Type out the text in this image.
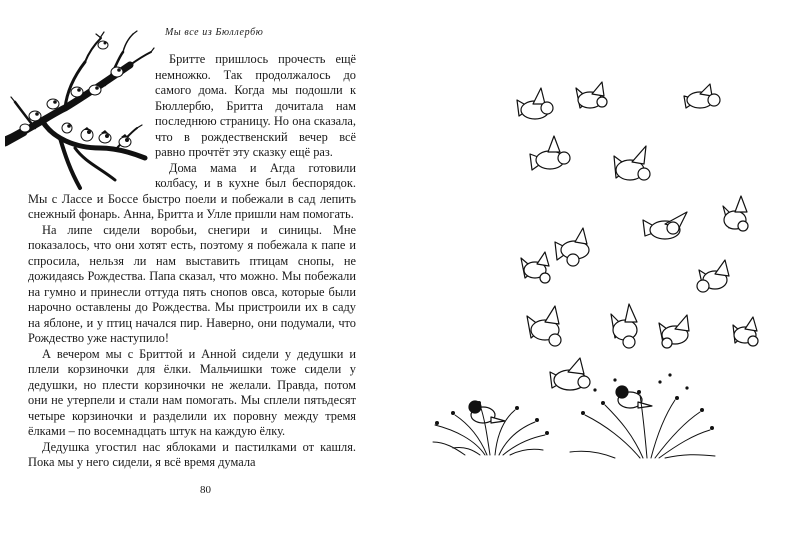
Мы все из Бюллербю

Бритте пришлось прочесть ещё немножко. Так продолжалось до самого дома. Когда мы подошли к Бюллербю, Бритта дочитала нам последнюю страницу. Но она сказала, что в рождественский вечер всё равно прочтёт эту сказку ещё раз.

Дома мама и Агда готовили колбасу, и в кухне был беспорядок. Мы с Лассе и Боссе быстро поели и побежали в сад лепить снежный фонарь. Анна, Бритта и Улле пришли нам помогать.

На липе сидели воробьи, снегири и синицы. Мне показалось, что они хотят есть, поэтому я побежала к папе и спросила, нельзя ли нам выставить птицам снопы, не дожидаясь Рождества. Папа сказал, что можно. Мы побежали на гумно и принесли оттуда пять снопов овса, которые были нарочно оставлены до Рождества. Мы пристроили их в саду на яблоне, и у птиц начался пир. Наверно, они подумали, что Рождество уже наступило!

А вечером мы с Бриттой и Анной сидели у дедушки и плели корзиночки для ёлки. Мальчишки тоже сидели у дедушки, но плести корзиночки не желали. Правда, потом они не утерпели и стали нам помогать. Мы сплели пятьдесят четыре корзиночки и разделили их поровну между тремя ёлками – по восемнадцать штук на каждую ёлку.

Дедушка угостил нас яблоками и пастилками от кашля. Пока мы у него сидели, я всё время думала

80
